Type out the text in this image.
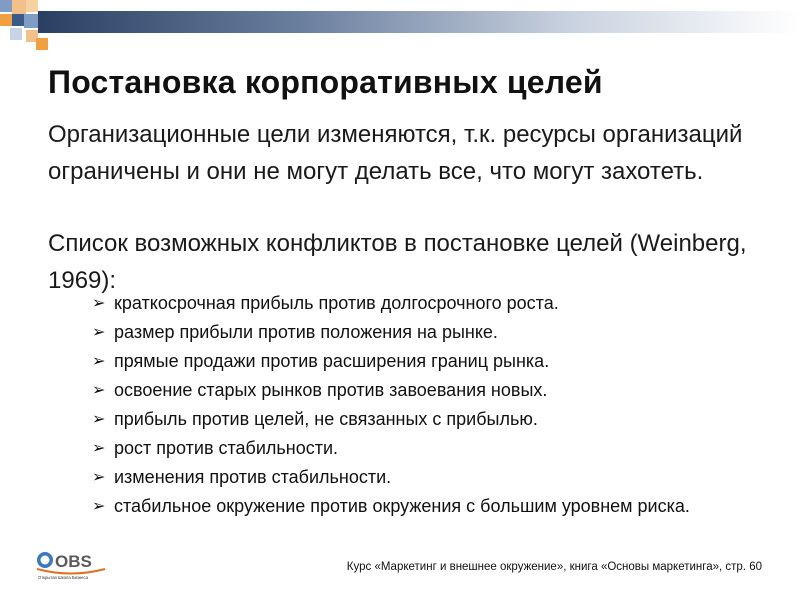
Постановка корпоративных целей

Организационные цели изменяются, т.к. ресурсы организаций ограничены и они не могут делать все, что могут захотеть.

Список возможных конфликтов в постановке целей (Weinberg, 1969):

➢ краткосрочная прибыль против долгосрочного роста.
➢ размер прибыли против положения на рынке.
➢ прямые продажи против расширения границ рынка.
➢ освоение старых рынков против завоевания новых.
➢ прибыль против целей, не связанных с прибылью.
➢ рост против стабильности.
➢ изменения против стабильности.
➢ стабильное окружение против окружения с большим уровнем риска.
OBS
Открытая Школа Бизнеса
Курс «Маркетинг и внешнее окружение», книга «Основы маркетинга», стр. 60
